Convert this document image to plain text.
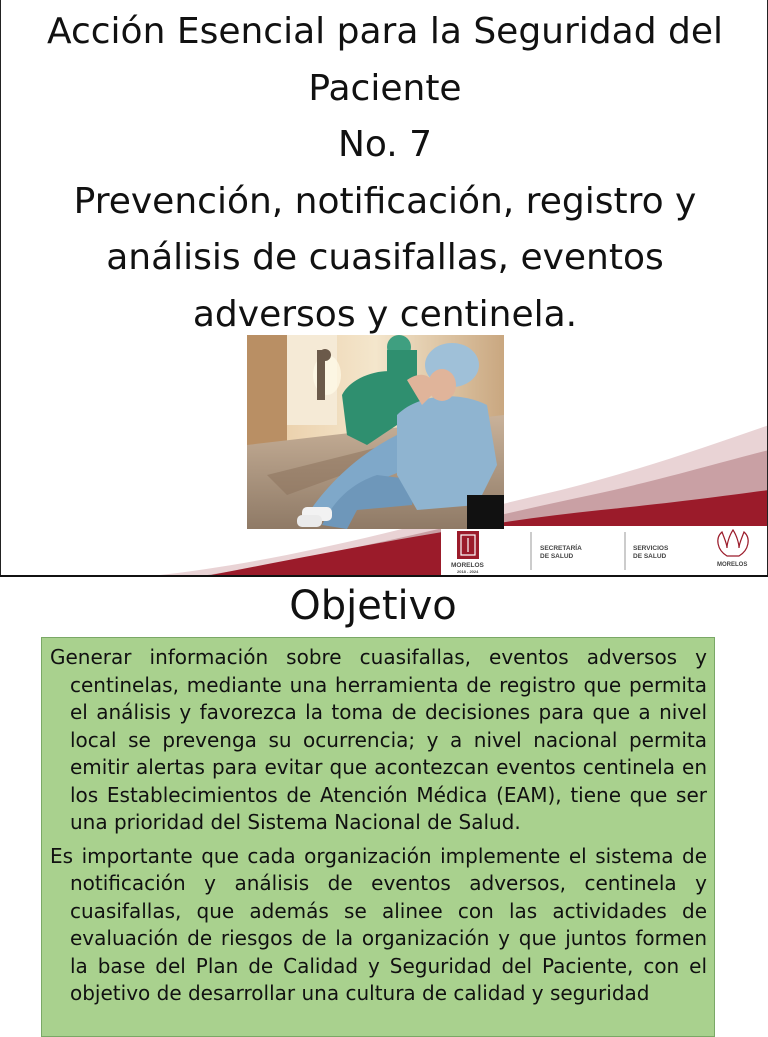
Acción Esencial para la Seguridad del
Paciente
No. 7
Prevención, notificación, registro y
análisis de cuasifallas, eventos
adversos y centinela.
MORELOS
2018 - 2024
SECRETARÍA
DE SALUD
SERVICIOS
DE SALUD
MORELOS
Objetivo

Generar información sobre cuasifallas, eventos adversos y centinelas, mediante una herramienta de registro que permita el análisis y favorezca la toma de decisiones para que a nivel local se prevenga su ocurrencia; y a nivel nacional permita emitir alertas para evitar que acontezcan eventos centinela en los Establecimientos de Atención Médica (EAM), tiene que ser una prioridad del Sistema Nacional de Salud.

Es importante que cada organización implemente el sistema de notificación y análisis de eventos adversos, centinela y cuasifallas, que además se alinee con las actividades de evaluación de riesgos de la organización y que juntos formen la base del Plan de Calidad y Seguridad del Paciente, con el objetivo de desarrollar una cultura de calidad y seguridad
